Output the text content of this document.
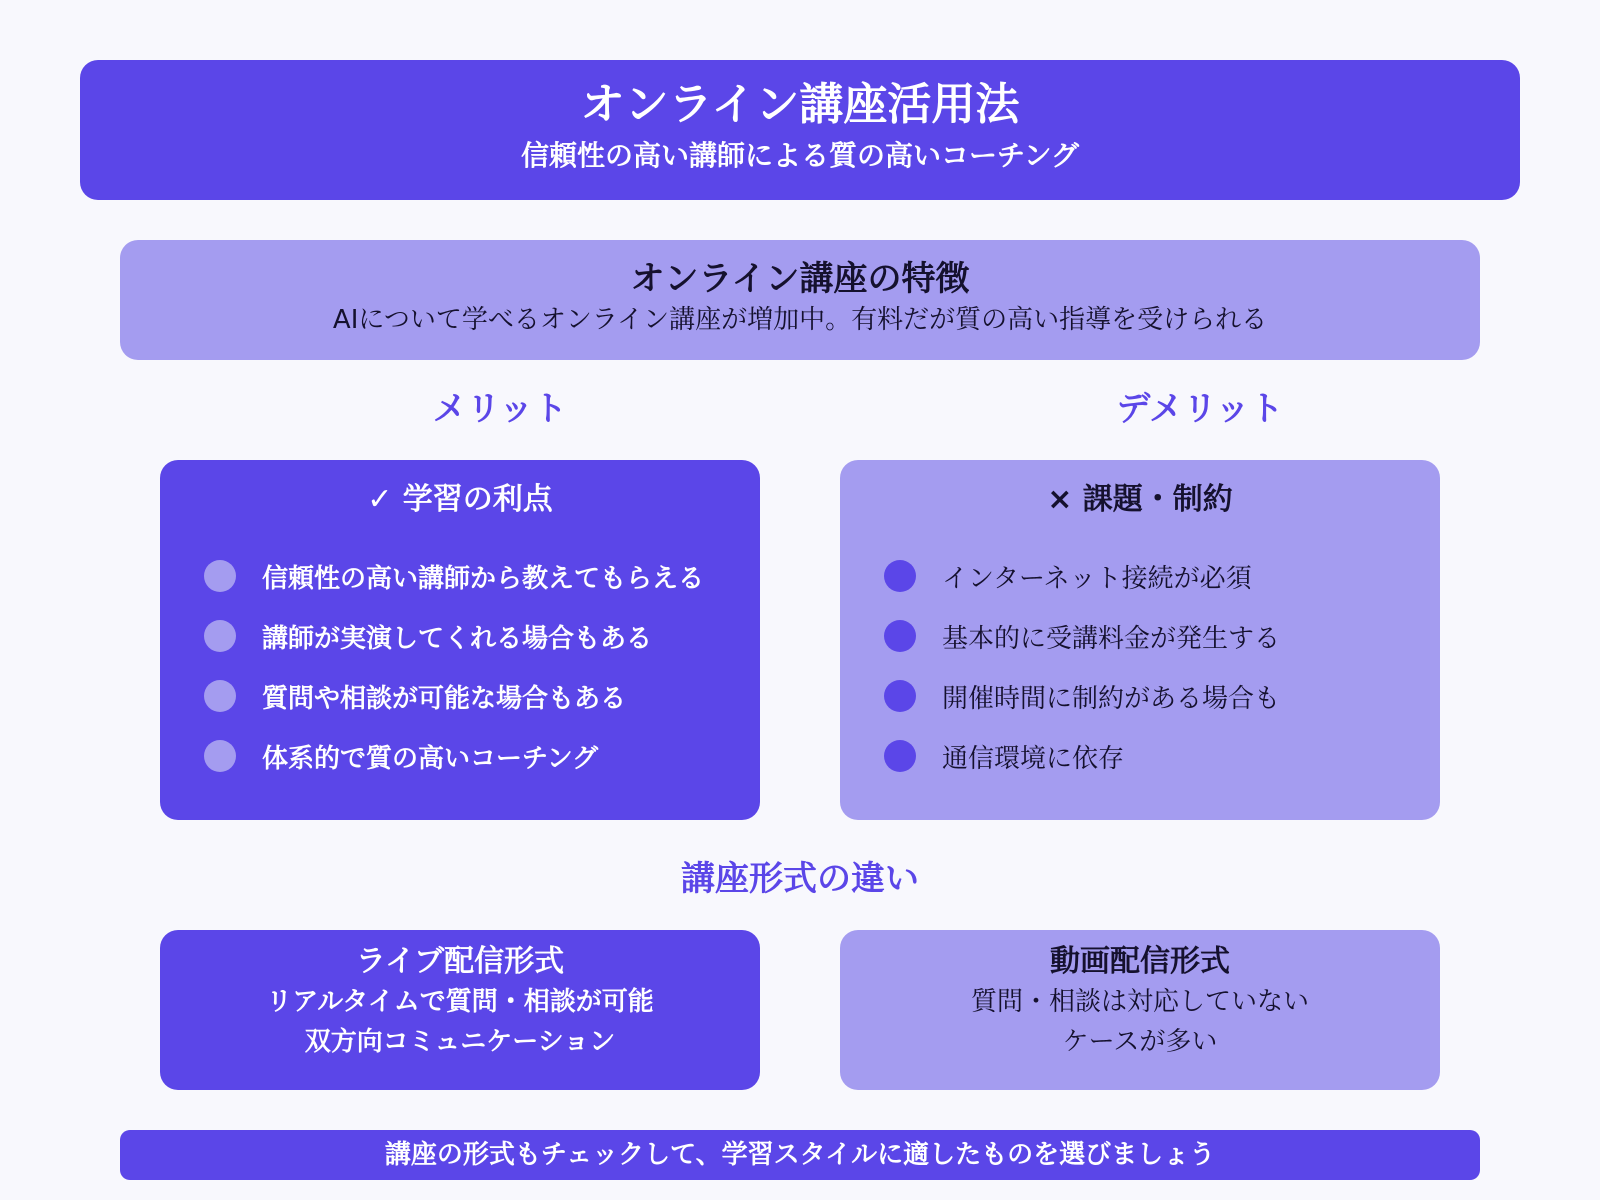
オンライン講座活用法
信頼性の高い講師による質の高いコーチング
オンライン講座の特徴
AIについて学べるオンライン講座が増加中。有料だが質の高い指導を受けられる
メリット	デメリット
✓ 学習の利点
信頼性の高い講師から教えてもらえる
講師が実演してくれる場合もある
質問や相談が可能な場合もある
体系的で質の高いコーチング
× 課題・制約
インターネット接続が必須
基本的に受講料金が発生する
開催時間に制約がある場合も
通信環境に依存
講座形式の違い
ライブ配信形式
リアルタイムで質問・相談が可能
双方向コミュニケーション
動画配信形式
質問・相談は対応していない
ケースが多い
講座の形式もチェックして、学習スタイルに適したものを選びましょう
